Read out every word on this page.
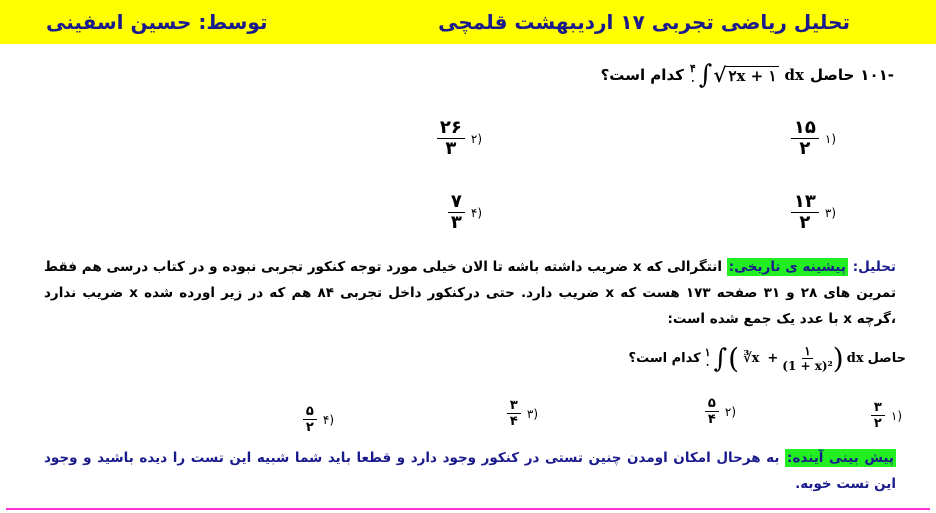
تحلیل ریاضی تجربی ۱۷ اردیبهشت قلمچی
توسط: حسین اسفینی
-۱۰۱
حاصل
۴
۰ ∫ √ ۲x + ۱ dx
کدام است؟
(۱
$\frac{۱۵}{۲}$
(۲
$\frac{۲۶}{۳}$
(۳
$\frac{۱۳}{۲}$
(۴
$\frac{۷}{۳}$
تحلیل: پیشینه ی تاریخی: انتگرالی که x ضریب داشته باشه تا الان خیلی مورد توجه کنکور تجربی نبوده و در کتاب درسی هم فقط تمرین های ۲۸ و ۳۱ صفحه ۱۷۳ هست که x ضریب دارد. حتی درکنکور داخل تجربی ۸۴ هم که در زیر اورده شده x ضریب ندارد ،گرچه x با عدد یک جمع شده است:
حاصل
۱
۰ ∫ ( ∛x + $\frac{۱}{\text{(1 + x)²}}$ ) dx
کدام است؟
(۱
$\frac{۳}{۲}$
(۲
$\frac{۵}{۴}$
(۳
$\frac{۳}{۴}$
(۴
$\frac{۵}{۲}$
پیش بینی آینده: به هرحال امکان اومدن چنین تستی در کنکور وجود دارد و قطعا باید شما شبیه این تست را دیده باشید و وجود این تست خوبه.
